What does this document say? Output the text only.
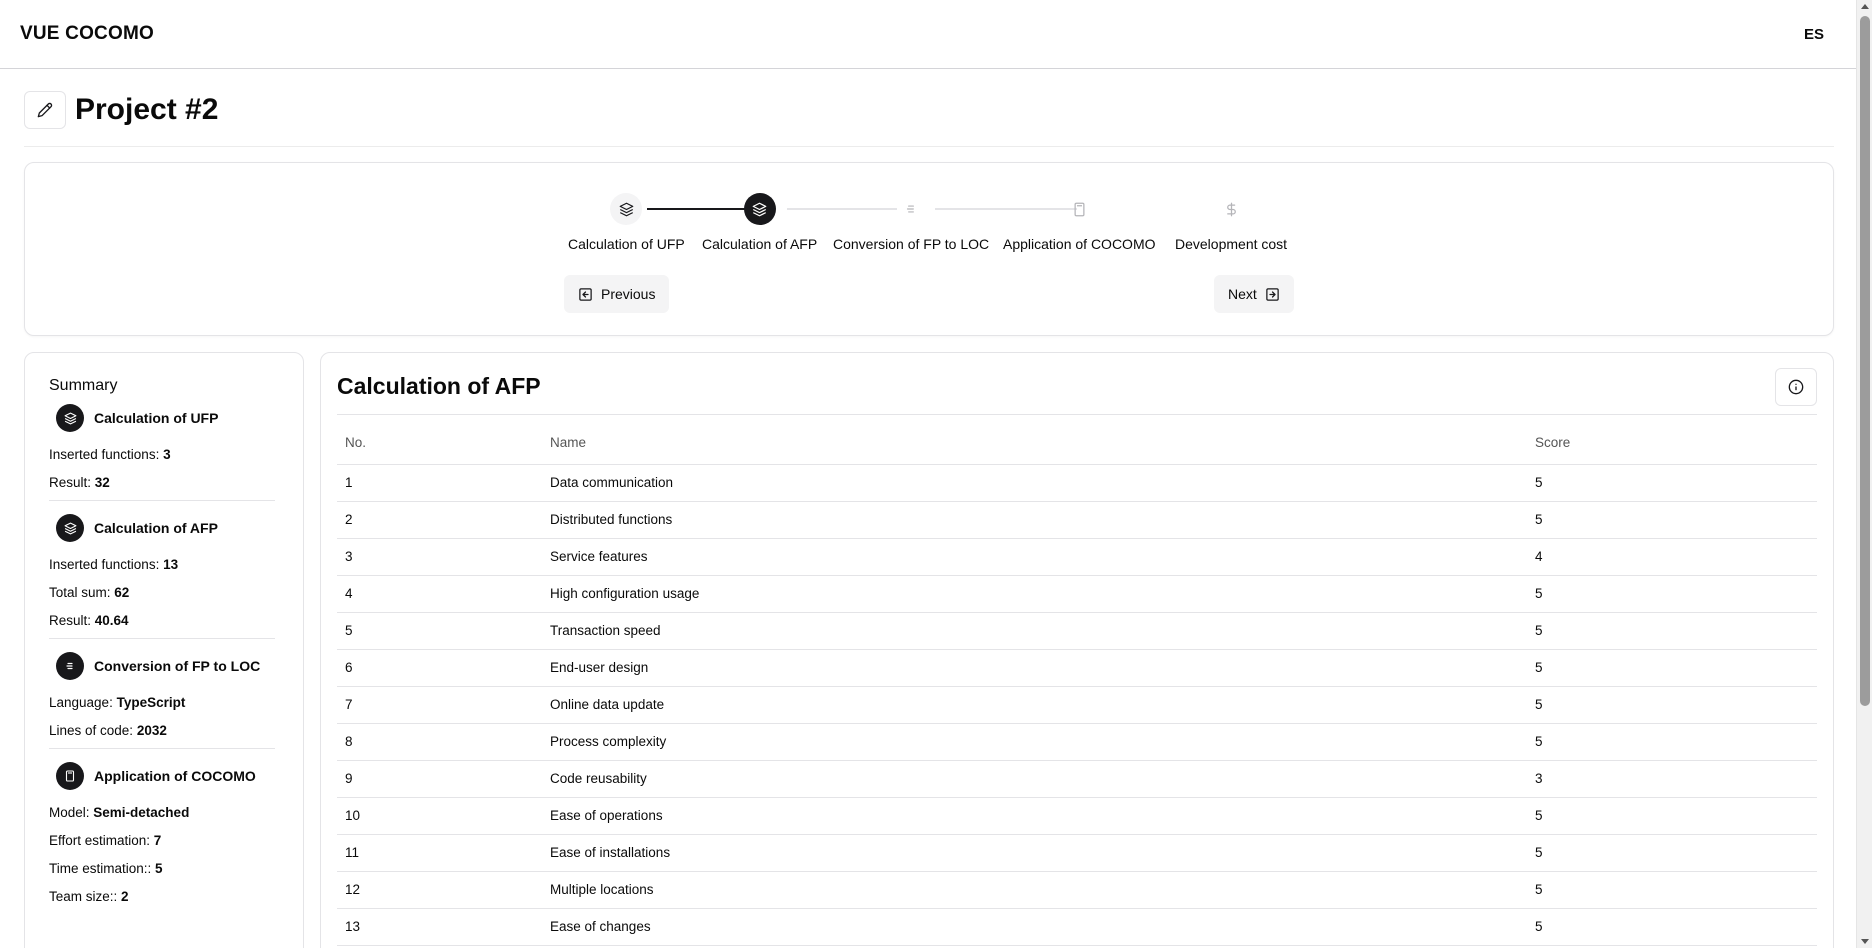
VUE COCOMO	ES
Project #2
Calculation of UFP Calculation of AFP Conversion of FP to LOC Application of COCOMO Development cost
Previous	Next
Summary
Calculation of UFP
Inserted functions: 3
Result: 32
Calculation of AFP
Inserted functions: 13
Total sum: 62
Result: 40.64
Conversion of FP to LOC
Language: TypeScript
Lines of code: 2032
Application of COCOMO
Model: Semi-detached
Effort estimation: 7
Time estimation:: 5
Team size:: 2
Calculation of AFP
No.	Name	Score
1	Data communication	5
2	Distributed functions	5
3	Service features	4
4	High configuration usage	5
5	Transaction speed	5
6	End-user design	5
7	Online data update	5
8	Process complexity	5
9	Code reusability	3
10	Ease of operations	5
11	Ease of installations	5
12	Multiple locations	5
13	Ease of changes	5
